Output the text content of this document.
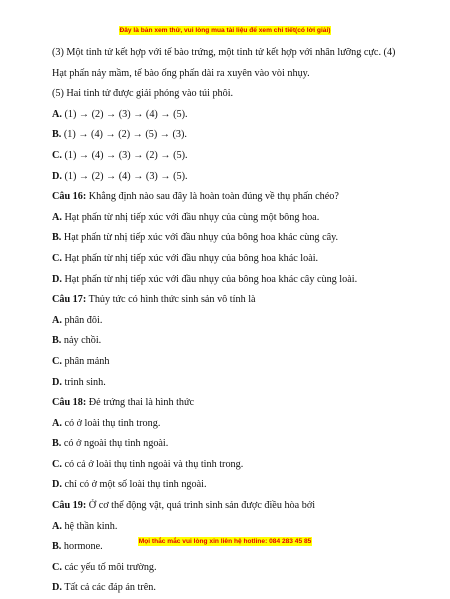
Đây là bản xem thử, vui lòng mua tài liệu để xem chi tiết(có lời giải)
(3) Một tinh tử kết hợp với tế bào trứng, một tinh tử kết hợp với nhân lưỡng cực. (4)
Hạt phấn nảy mầm, tế bào ống phấn dài ra xuyên vào vòi nhụy.
(5) Hai tinh tử được giải phóng vào túi phôi.
A. (1) → (2) → (3) → (4) → (5).
B. (1) → (4) → (2) → (5) → (3).
C. (1) → (4) → (3) → (2) → (5).
D. (1) → (2) → (4) → (3) → (5).
Câu 16: Khẳng định nào sau đây là hoàn toàn đúng về thụ phấn chéo?
A. Hạt phấn từ nhị tiếp xúc với đầu nhụy của cùng một bông hoa.
B. Hạt phấn từ nhị tiếp xúc với đầu nhụy của bông hoa khác cùng cây.
C. Hạt phấn từ nhị tiếp xúc với đầu nhụy của bông hoa khác loài.
D. Hạt phấn từ nhị tiếp xúc với đầu nhụy của bông hoa khác cây cùng loài.
Câu 17: Thủy tức có hình thức sinh sản vô tính là
A. phân đôi.
B. nảy chồi.
C. phân mảnh
D. trinh sinh.
Câu 18: Đẻ trứng thai là hình thức
A. có ở loài thụ tinh trong.
B. có ở ngoài thụ tinh ngoài.
C. có cả ở loài thụ tinh ngoài và thụ tinh trong.
D. chỉ có ở một số loài thụ tinh ngoài.
Câu 19: Ở cơ thể động vật, quá trình sinh sản được điều hòa bởi
A. hệ thần kinh.
B. hormone.
C. các yếu tố môi trường.
D. Tất cả các đáp án trên.
Mọi thắc mắc vui lòng xin liên hệ hotline: 084 283 45 85
